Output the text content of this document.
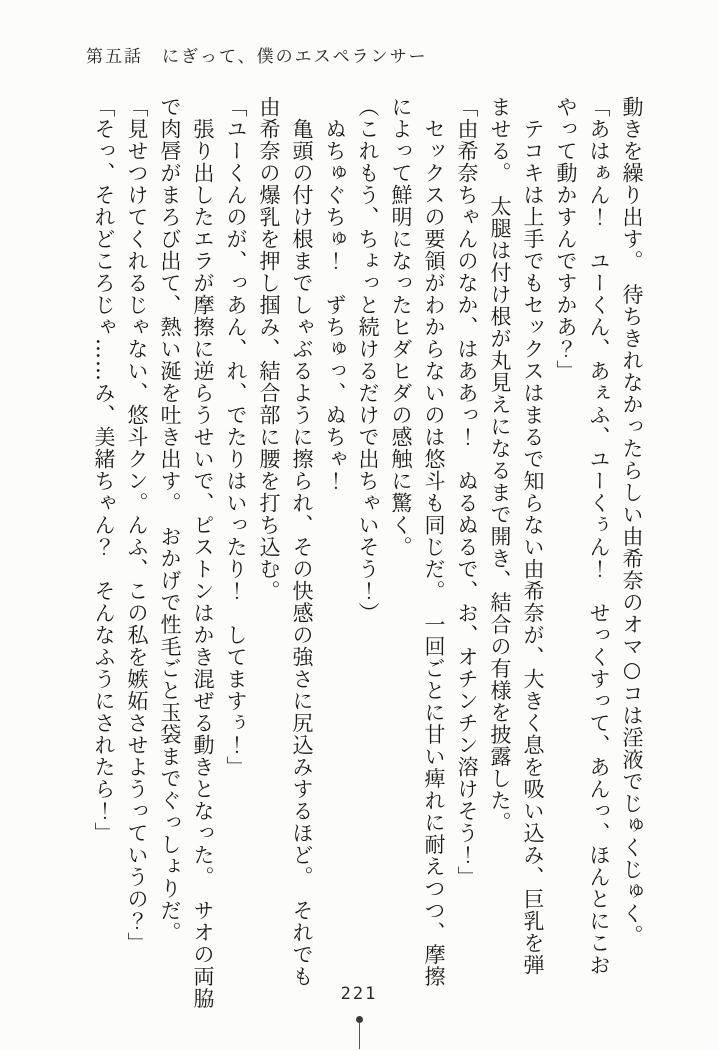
第五話　にぎって、僕のエスペランサー

動きを繰り出す。　待ちきれなかったらしい由希奈のオマ○コは淫液でじゅくじゅく。

「あはぁん！　ユーくん、あぇふ、ユーくぅん！　せっくすって、あんっ、ほんとにこお

やって動かすんですかあ？」

　テコキは上手でもセックスはまるで知らない由希奈が、大きく息を吸い込み、巨乳を弾

ませる。　太腿は付け根が丸見えになるまで開き、結合の有様を披露した。

「由希奈ちゃんのなか、はああっ！　ぬるぬるで、お、オチンチン溶けそう！」

　セックスの要領がわからないのは悠斗も同じだ。　一回ごとに甘い痺れに耐えつつ、摩擦

によって鮮明になったヒダヒダの感触に驚く。

（これもう、ちょっと続けるだけで出ちゃいそう！）

　ぬちゅぐちゅ！　ずちゅっ、ぬちゃ！

　亀頭の付け根までしゃぶるように擦られ、その快感の強さに尻込みするほど。　それでも

由希奈の爆乳を押し掴み、結合部に腰を打ち込む。

「ユーくんのが、っあん、れ、でたりはいったり！　してますぅ！」

　張り出したエラが摩擦に逆らうせいで、ピストンはかき混ぜる動きとなった。　サオの両脇

で肉唇がまろび出て、熱い涎を吐き出す。　おかげで性毛ごと玉袋までぐっしょりだ。

「見せつけてくれるじゃない、悠斗クン。んふ、この私を嫉妬させようっていうの？」

「そっ、それどころじゃ……み、美緒ちゃん？　そんなふうにされたら！」

221
